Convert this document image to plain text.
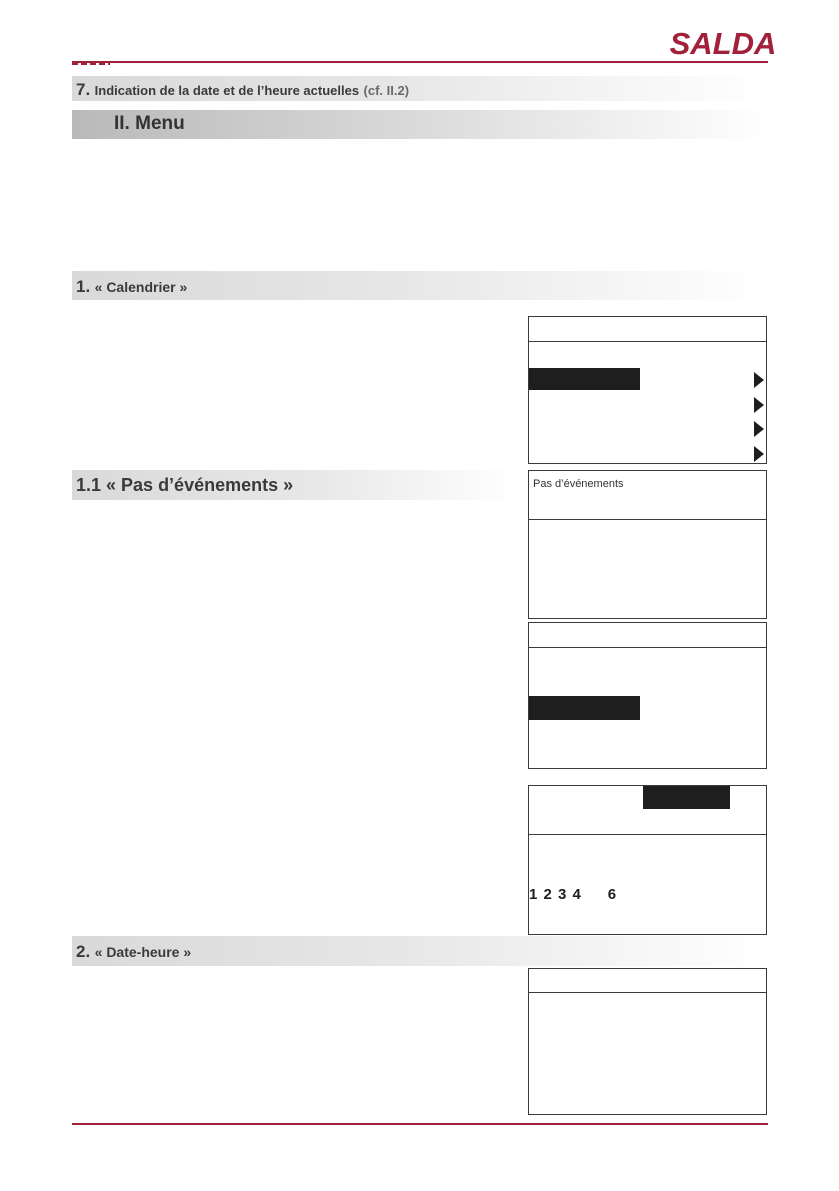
SALDA
7. Indication de la date et de l’heure actuelles (cf. II.2)
II. Menu
1. « Calendrier »
1.1 « Pas d’événements »	Pas d’événements
1 2 3 4     6
2. « Date-heure »
